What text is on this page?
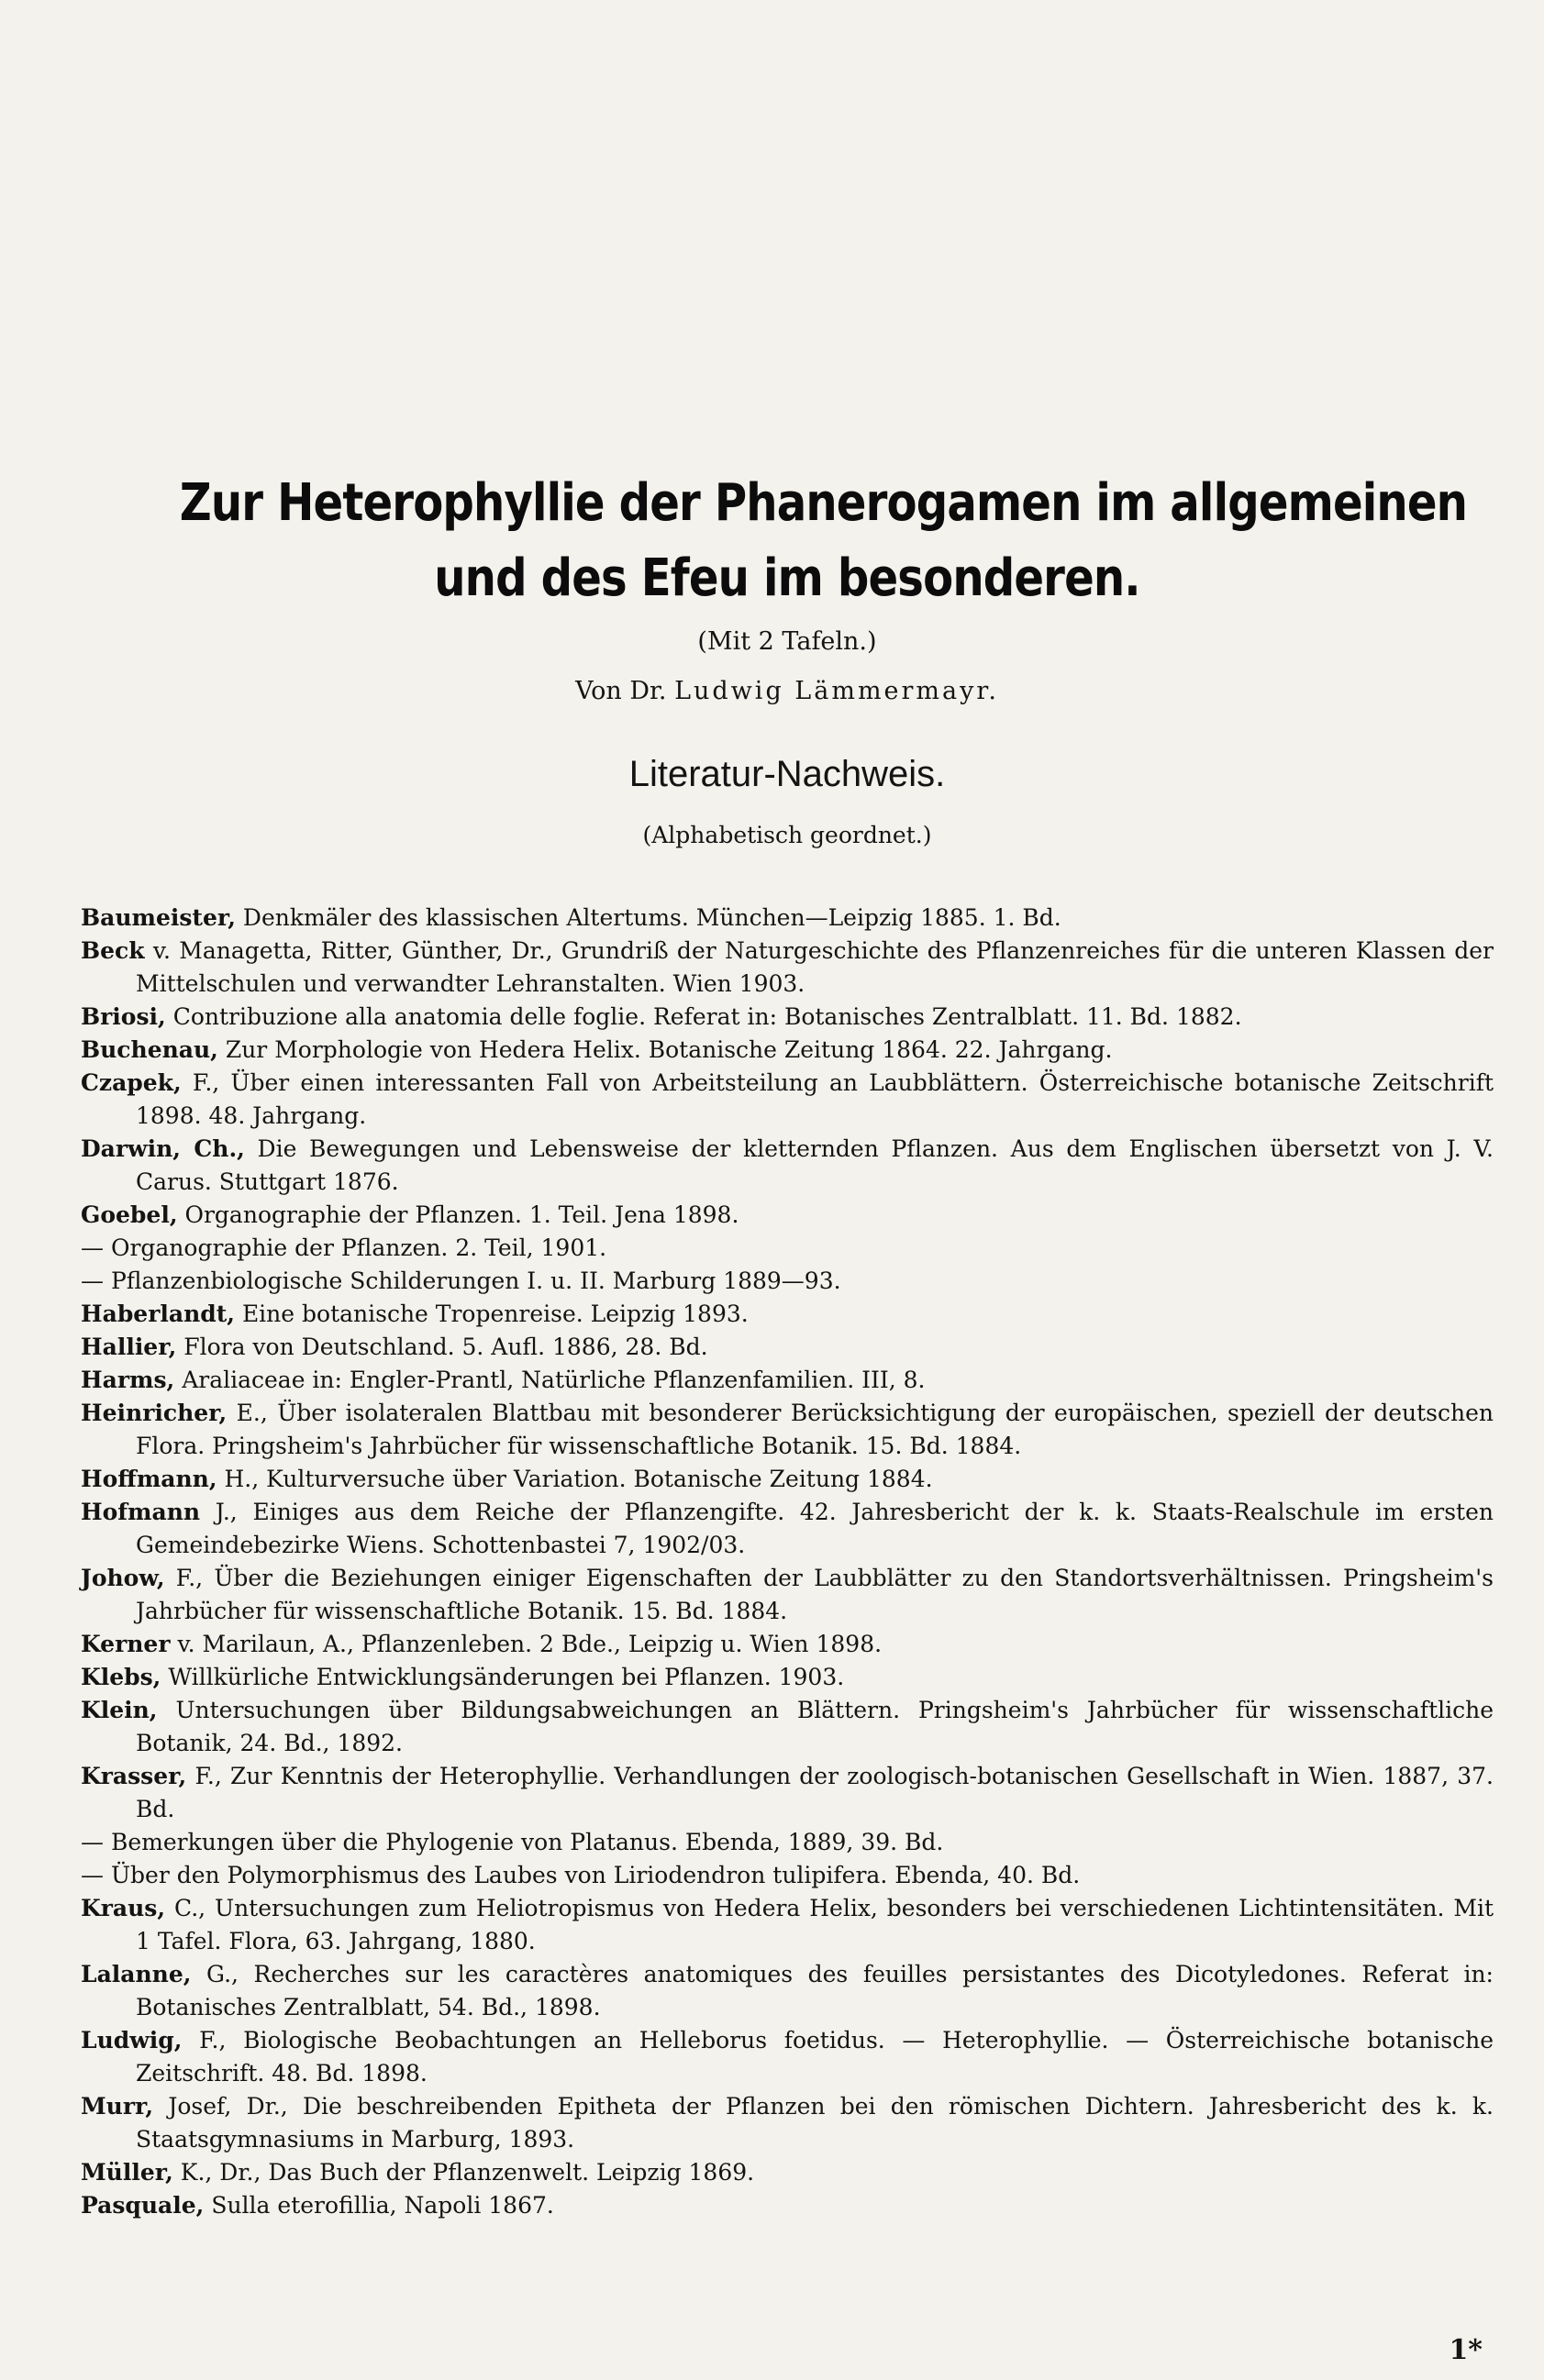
Zur Heterophyllie der Phanerogamen im allgemeinen
und des Efeu im besonderen.
(Mit 2 Tafeln.)
Von Dr. Ludwig Lämmermayr.
Literatur-Nachweis.
(Alphabetisch geordnet.)
Baumeister, Denkmäler des klassischen Altertums. München—Leipzig 1885. 1. Bd.
Beck v. Managetta, Ritter, Günther, Dr., Grundriß der Naturgeschichte des Pflanzenreiches für die unteren Klassen der Mittelschulen und verwandter Lehranstalten. Wien 1903.
Briosi, Contribuzione alla anatomia delle foglie. Referat in: Botanisches Zentralblatt. 11. Bd. 1882.
Buchenau, Zur Morphologie von Hedera Helix. Botanische Zeitung 1864. 22. Jahrgang.
Czapek, F., Über einen interessanten Fall von Arbeitsteilung an Laubblättern. Österreichische botanische Zeitschrift 1898. 48. Jahrgang.
Darwin, Ch., Die Bewegungen und Lebensweise der kletternden Pflanzen. Aus dem Englischen übersetzt von J. V. Carus. Stuttgart 1876.
Goebel, Organographie der Pflanzen. 1. Teil. Jena 1898.
— Organographie der Pflanzen. 2. Teil, 1901.
— Pflanzenbiologische Schilderungen I. u. II. Marburg 1889—93.
Haberlandt, Eine botanische Tropenreise. Leipzig 1893.
Hallier, Flora von Deutschland. 5. Aufl. 1886, 28. Bd.
Harms, Araliaceae in: Engler-Prantl, Natürliche Pflanzenfamilien. III, 8.
Heinricher, E., Über isolateralen Blattbau mit besonderer Berücksichtigung der europäischen, speziell der deutschen Flora. Pringsheim's Jahrbücher für wissenschaftliche Botanik. 15. Bd. 1884.
Hoffmann, H., Kulturversuche über Variation. Botanische Zeitung 1884.
Hofmann J., Einiges aus dem Reiche der Pflanzengifte. 42. Jahresbericht der k. k. Staats-Realschule im ersten Gemeindebezirke Wiens. Schottenbastei 7, 1902/03.
Johow, F., Über die Beziehungen einiger Eigenschaften der Laubblätter zu den Standortsverhältnissen. Pringsheim's Jahrbücher für wissenschaftliche Botanik. 15. Bd. 1884.
Kerner v. Marilaun, A., Pflanzenleben. 2 Bde., Leipzig u. Wien 1898.
Klebs, Willkürliche Entwicklungsänderungen bei Pflanzen. 1903.
Klein, Untersuchungen über Bildungsabweichungen an Blättern. Pringsheim's Jahrbücher für wissenschaftliche Botanik, 24. Bd., 1892.
Krasser, F., Zur Kenntnis der Heterophyllie. Verhandlungen der zoologisch-botanischen Gesellschaft in Wien. 1887, 37. Bd.
— Bemerkungen über die Phylogenie von Platanus. Ebenda, 1889, 39. Bd.
— Über den Polymorphismus des Laubes von Liriodendron tulipifera. Ebenda, 40. Bd.
Kraus, C., Untersuchungen zum Heliotropismus von Hedera Helix, besonders bei verschiedenen Lichtintensitäten. Mit 1 Tafel. Flora, 63. Jahrgang, 1880.
Lalanne, G., Recherches sur les caractères anatomiques des feuilles persistantes des Dicotyledones. Referat in: Botanisches Zentralblatt, 54. Bd., 1898.
Ludwig, F., Biologische Beobachtungen an Helleborus foetidus. — Heterophyllie. — Österreichische botanische Zeitschrift. 48. Bd. 1898.
Murr, Josef, Dr., Die beschreibenden Epitheta der Pflanzen bei den römischen Dichtern. Jahresbericht des k. k. Staatsgymnasiums in Marburg, 1893.
Müller, K., Dr., Das Buch der Pflanzenwelt. Leipzig 1869.
Pasquale, Sulla eterofillia, Napoli 1867.
1*
